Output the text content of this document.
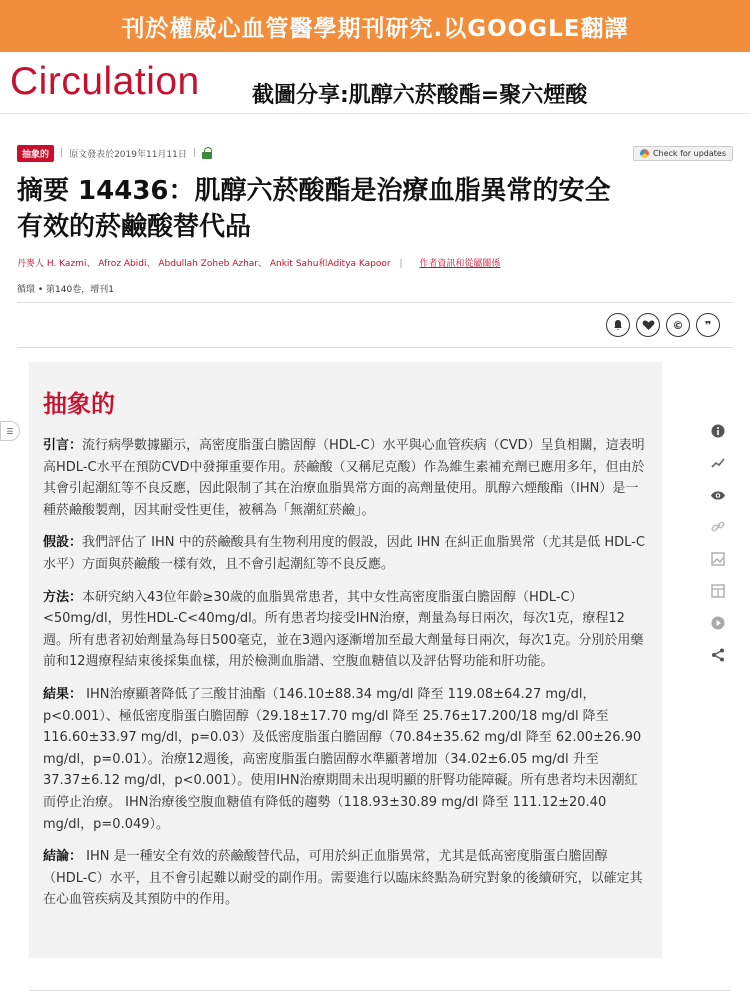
刊於權威心血管醫學期刊研究.以GOOGLE翻譯
Circulation 截圖分享:肌醇六菸酸酯=聚六煙酸
抽象的	| 原文發表於2019年11月11日 |	Check for updates
摘要 14436：肌醇六菸酸酯是治療血脂異常的安全
有效的菸鹼酸替代品
丹麥人 H. Kazmi、 Afroz Abidi、 Abdullah Zoheb Azhar、 Ankit Sahu和Aditya Kapoor | 作者資訊和從屬關係
循環 • 第140卷，增刊1
©	❞
☰
抽象的

引言：流行病學數據顯示，高密度脂蛋白膽固醇（HDL-C）水平與心血管疾病（CVD）呈負相關，這表明高HDL-C水平在預防CVD中發揮重要作用。菸鹼酸（又稱尼克酸）作為維生素補充劑已應用多年，但由於其會引起潮紅等不良反應，因此限制了其在治療血脂異常方面的高劑量使用。肌醇六煙酸酯（IHN）是一種菸鹼酸製劑，因其耐受性更佳，被稱為「無潮紅菸鹼」。

假設：我們評估了 IHN 中的菸鹼酸具有生物利用度的假設，因此 IHN 在糾正血脂異常（尤其是低 HDL-C 水平）方面與菸鹼酸一樣有效，且不會引起潮紅等不良反應。

方法：本研究納入43位年齡≥30歲的血脂異常患者，其中女性高密度脂蛋白膽固醇（HDL-C）<50mg/dl，男性HDL-C<40mg/dl。所有患者均接受IHN治療，劑量為每日兩次，每次1克，療程12週。所有患者初始劑量為每日500毫克，並在3週內逐漸增加至最大劑量每日兩次，每次1克。分別於用藥前和12週療程結束後採集血樣，用於檢測血脂譜、空腹血糖值以及評估腎功能和肝功能。

結果： IHN治療顯著降低了三酸甘油酯（146.10±88.34 mg/dl 降至 119.08±64.27 mg/dl，p<0.001）、極低密度脂蛋白膽固醇（29.18±17.70 mg/dl 降至 25.76±17.200/18 mg/dl 降至 116.60±33.97 mg/dl，p=0.03）及低密度脂蛋白膽固醇（70.84±35.62 mg/dl 降至 62.00±26.90 mg/dl，p=0.01）。治療12週後，高密度脂蛋白膽固醇水準顯著增加（34.02±6.05 mg/dl 升至 37.37±6.12 mg/dl，p<0.001）。使用IHN治療期間未出現明顯的肝腎功能障礙。所有患者均未因潮紅而停止治療。 IHN治療後空腹血糖值有降低的趨勢（118.93±30.89 mg/dl 降至 111.12±20.40 mg/dl，p=0.049）。

結論： IHN 是一種安全有效的菸鹼酸替代品，可用於糾正血脂異常，尤其是低高密度脂蛋白膽固醇（HDL-C）水平，且不會引起難以耐受的副作用。需要進行以臨床終點為研究對象的後續研究，以確定其在心血管疾病及其預防中的作用。
